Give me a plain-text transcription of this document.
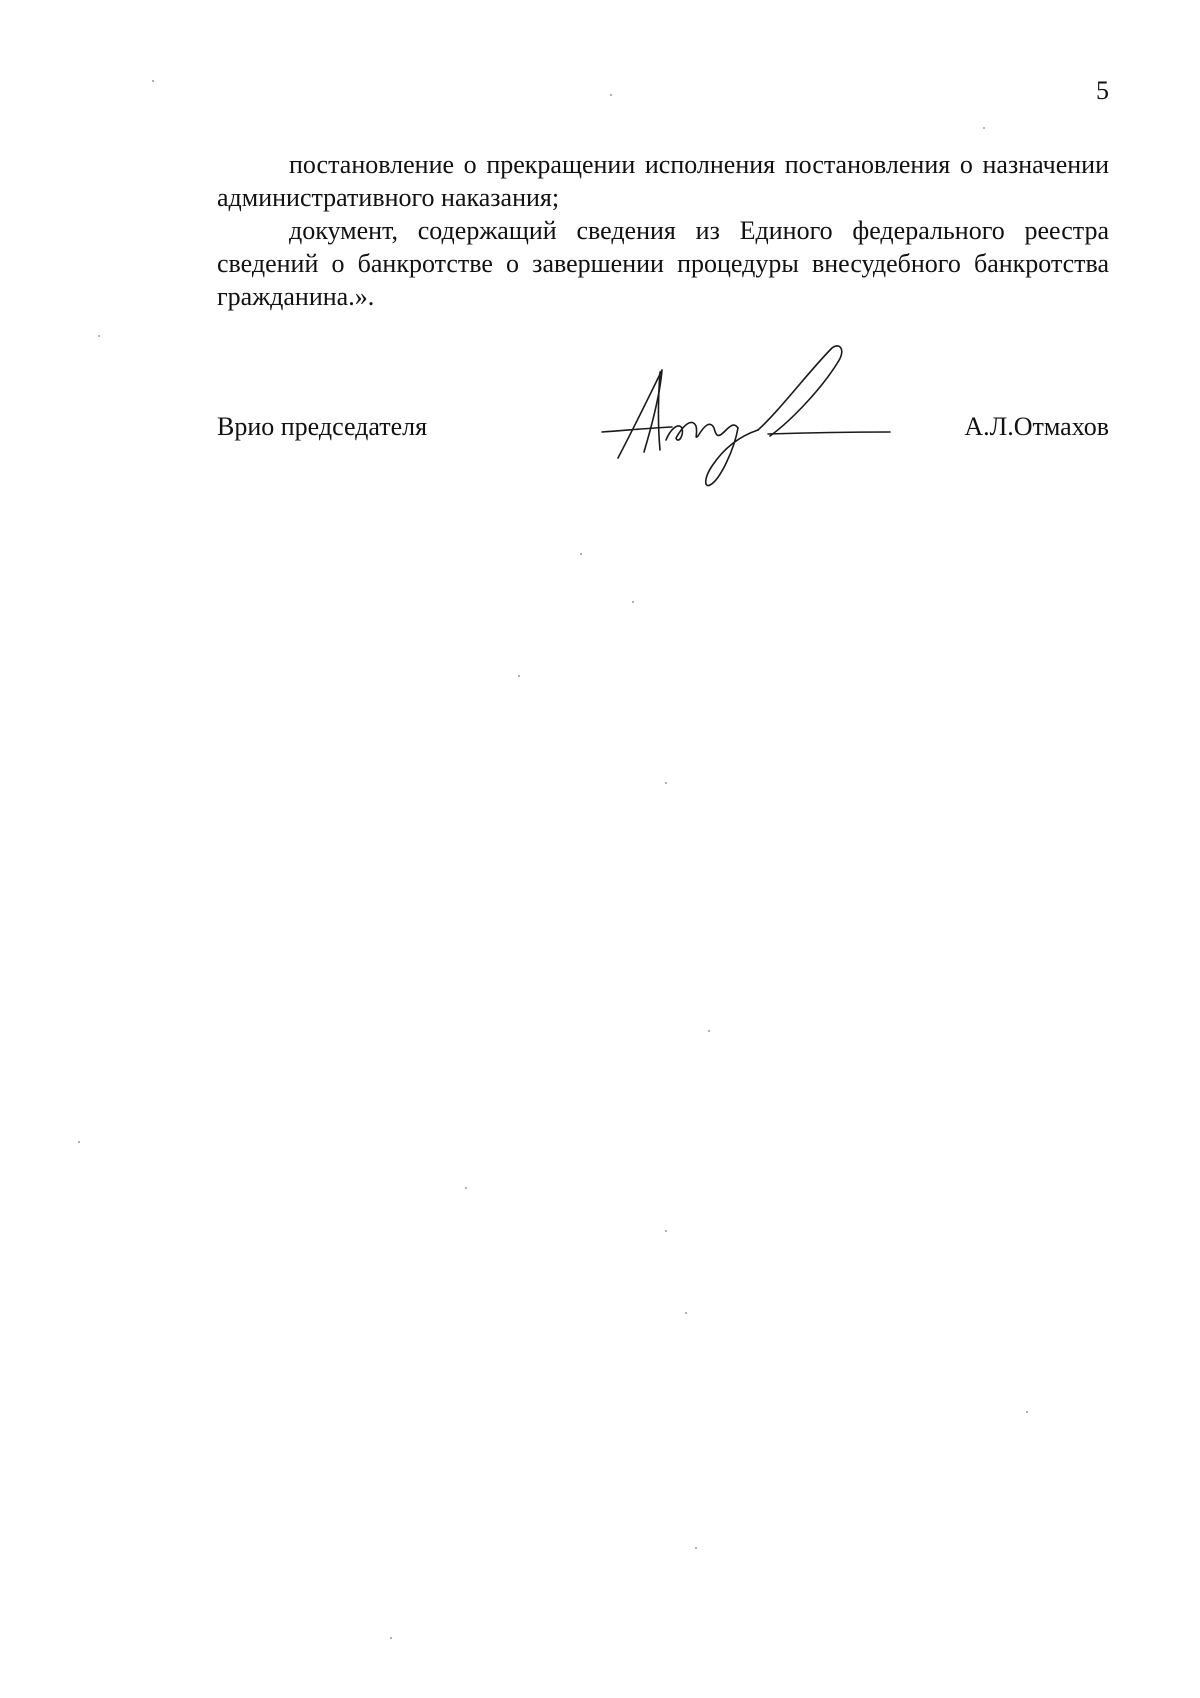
5

постановление о прекращении исполнения постановления о назначении административного наказания;

документ, содержащий сведения из Единого федерального реестра сведений о банкротстве о завершении процедуры внесудебного банкротства гражданина.».

Врио председателя	А.Л.Отмахов
